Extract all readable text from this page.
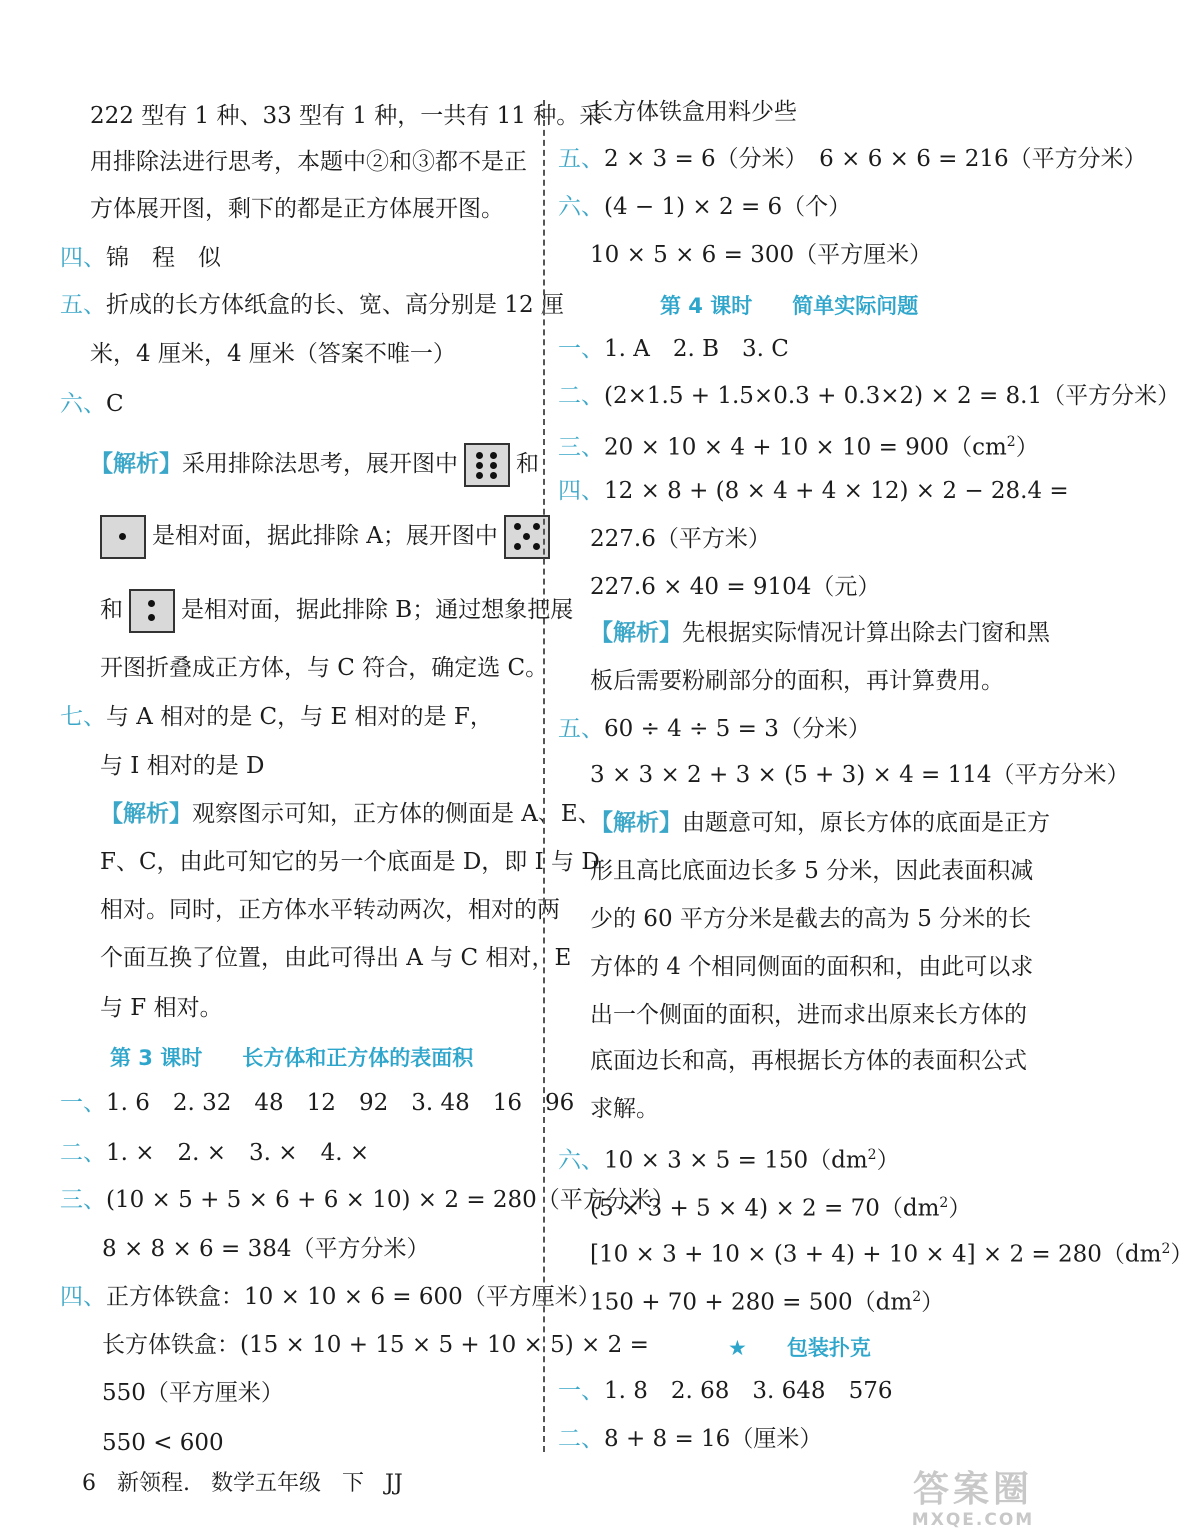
222 型有 1 种、33 型有 1 种，一共有 11 种。采
用排除法进行思考，本题中②和③都不是正
方体展开图，剩下的都是正方体展开图。
四、锦　程　似
五、折成的长方体纸盒的长、宽、高分别是 12 厘
米，4 厘米，4 厘米（答案不唯一）
六、C
【解析】采用排除法思考，展开图中	和
是相对面，据此排除 A；展开图中
和	是相对面，据此排除 B；通过想象把展
开图折叠成正方体，与 C 符合，确定选 C。
七、与 A 相对的是 C，与 E 相对的是 F，
与 I 相对的是 D
【解析】观察图示可知，正方体的侧面是 A、E、
F、C，由此可知它的另一个底面是 D，即 I 与 D
相对。同时，正方体水平转动两次，相对的两
个面互换了位置，由此可得出 A 与 C 相对，E
与 F 相对。
第 3 课时 长方体和正方体的表面积
一、1. 6　2. 32　48　12　92　3. 48　16　96
二、1. ×　2. ×　3. ×　4. ×
三、(10 × 5 + 5 × 6 + 6 × 10) × 2 = 280（平方分米）
8 × 8 × 6 = 384（平方分米）
四、正方体铁盒：10 × 10 × 6 = 600（平方厘米）
长方体铁盒：(15 × 10 + 15 × 5 + 10 × 5) × 2 =
550（平方厘米）
550 < 600
长方体铁盒用料少些
五、2 × 3 = 6（分米）　6 × 6 × 6 = 216（平方分米）
六、(4 − 1) × 2 = 6（个）
10 × 5 × 6 = 300（平方厘米）
第 4 课时 简单实际问题
一、1. A　2. B　3. C
二、(2×1.5 + 1.5×0.3 + 0.3×2) × 2 = 8.1（平方分米）
三、$20 \times 10 \times 4 + 10 \times 10 = 900(cm^2)$
四、12 × 8 + (8 × 4 + 4 × 12) × 2 − 28.4 =
227.6（平方米）
227.6 × 40 = 9104（元）
【解析】先根据实际情况计算出除去门窗和黑
板后需要粉刷部分的面积，再计算费用。
五、60 ÷ 4 ÷ 5 = 3（分米）
3 × 3 × 2 + 3 × (5 + 3) × 4 = 114（平方分米）
【解析】由题意可知，原长方体的底面是正方
形且高比底面边长多 5 分米，因此表面积减
少的 60 平方分米是截去的高为 5 分米的长
方体的 4 个相同侧面的面积和，由此可以求
出一个侧面的面积，进而求出原来长方体的
底面边长和高，再根据长方体的表面积公式
求解。
六、$10 \times 3 \times 5 = 150(dm^2)$
$(5 \times 3 + 5 \times 4) \times 2 = 70(dm^2)$
$[10 \times 3 + 10 \times (3 + 4) + 10 \times 4] \times 2 = 280(dm^2)$
$150 + 70 + 280 = 500(dm^2)$
★ 包装扑克
一、1. 8　2. 68　3. 648　576
二、8 + 8 = 16（厘米）
6 新领程. 数学五年级 下 JJ	答案圈
MXQE.COM
